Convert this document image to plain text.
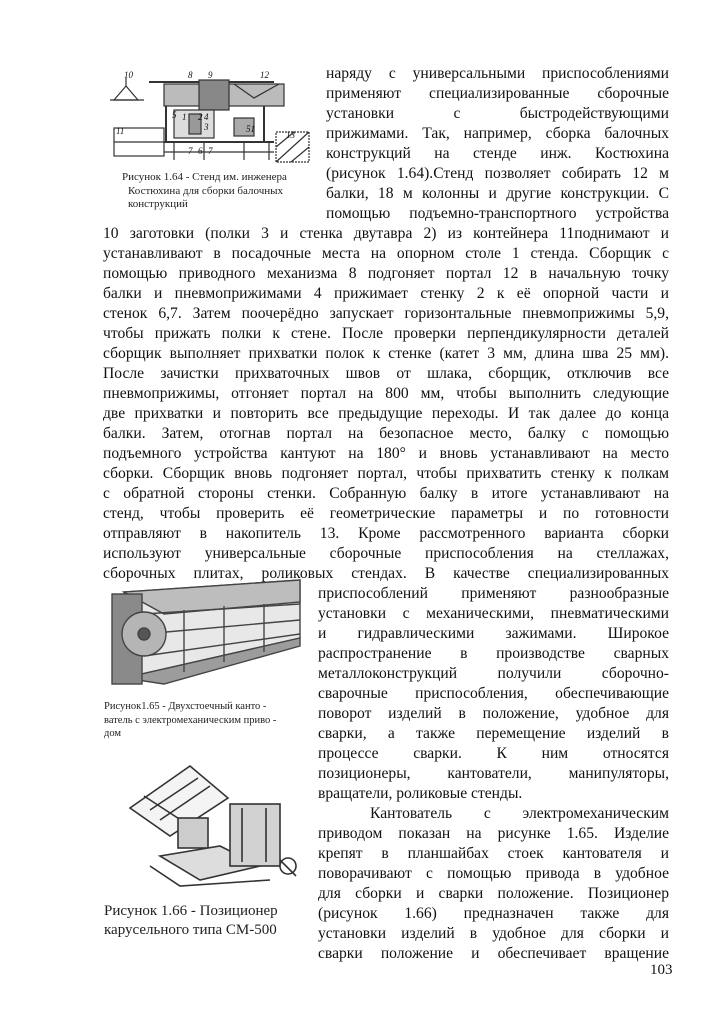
10	8 9	12
1
5 2 4
3
11	51
13
7 6 7
Рисунок 1.64 - Стенд им. инженера
Костюхина для сборки балочных
конструкций
Рисунок1.65 - Двухстоечный канто -
ватель с электромеханическим приво -
дом
Рисунок 1.66 - Позиционер
карусельного типа СМ-500
наряду с универсальными приспособлениями
применяют специализированные сборочные
установки с быстродействующими
прижимами. Так, например, сборка балочных
конструкций на стенде инж. Костюхина
(рисунок 1.64).Стенд позволяет собирать 12 м
балки, 18 м колонны и другие конструкции. С
помощью подъемно-транспортного устройства
10 заготовки (полки 3 и стенка двутавра 2) из контейнера 11поднимают и
устанавливают в посадочные места на опорном столе 1 стенда. Сборщик с
помощью приводного механизма 8 подгоняет портал 12 в начальную точку
балки и пневмоприжимами 4 прижимает стенку 2 к её опорной части и
стенок 6,7. Затем поочерёдно запускает горизонтальные пневмоприжимы 5,9,
чтобы прижать полки к стене. После проверки перпендикулярности деталей
сборщик выполняет прихватки полок к стенке (катет 3 мм, длина шва 25 мм).
После зачистки прихваточных швов от шлака, сборщик, отключив все
пневмоприжимы, отгоняет портал на 800 мм, чтобы выполнить следующие
две прихватки и повторить все предыдущие переходы. И так далее до конца
балки. Затем, отогнав портал на безопасное место, балку с помощью
подъемного устройства кантуют на 180° и вновь устанавливают на место
сборки. Сборщик вновь подгоняет портал, чтобы прихватить стенку к полкам
с обратной стороны стенки. Собранную балку в итоге устанавливают на
стенд, чтобы проверить её геометрические параметры и по готовности
отправляют в накопитель 13. Кроме рассмотренного варианта сборки
используют универсальные сборочные приспособления на стеллажах,
сборочных плитах, роликовых стендах. В качестве специализированных
приспособлений применяют разнообразные
установки с механическими, пневматическими
и гидравлическими зажимами. Широкое
распространение в производстве сварных
металлоконструкций получили сборочно-
сварочные приспособления, обеспечивающие
поворот изделий в положение, удобное для
сварки, а также перемещение изделий в
процессе сварки. К ним относятся
позиционеры, кантователи, манипуляторы,
вращатели, роликовые стенды.
Кантователь с электромеханическим
приводом показан на рисунке 1.65. Изделие
крепят в планшайбах стоек кантователя и
поворачивают с помощью привода в удобное
для сборки и сварки положение. Позиционер
(рисунок 1.66) предназначен также для
установки изделий в удобное для сборки и
сварки положение и обеспечивает вращение
103
